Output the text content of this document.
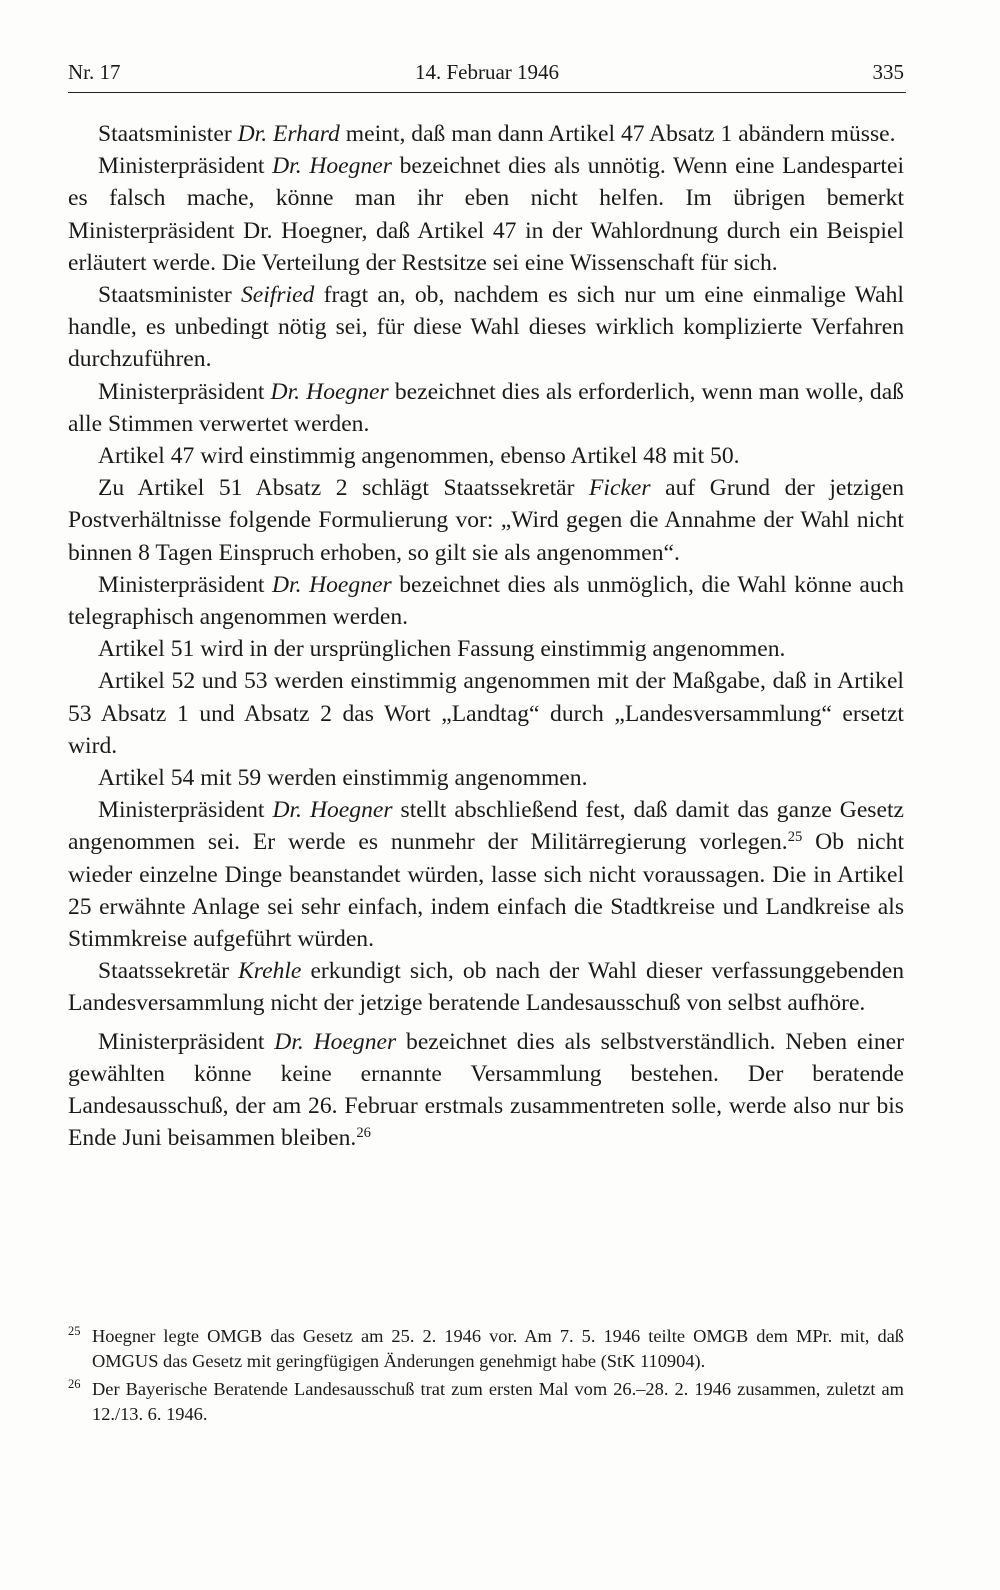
Nr. 17	14. Februar 1946	335

Staatsminister Dr. Erhard meint, daß man dann Artikel 47 Absatz 1 abändern müsse.

Ministerpräsident Dr. Hoegner bezeichnet dies als unnötig. Wenn eine Landespartei es falsch mache, könne man ihr eben nicht helfen. Im übrigen bemerkt Ministerpräsident Dr. Hoegner, daß Artikel 47 in der Wahlordnung durch ein Beispiel erläutert werde. Die Verteilung der Restsitze sei eine Wissenschaft für sich.

Staatsminister Seifried fragt an, ob, nachdem es sich nur um eine einmalige Wahl handle, es unbedingt nötig sei, für diese Wahl dieses wirklich komplizierte Verfahren durchzuführen.

Ministerpräsident Dr. Hoegner bezeichnet dies als erforderlich, wenn man wolle, daß alle Stimmen verwertet werden.

Artikel 47 wird einstimmig angenommen, ebenso Artikel 48 mit 50.

Zu Artikel 51 Absatz 2 schlägt Staatssekretär Ficker auf Grund der jetzigen Postverhältnisse folgende Formulierung vor: „Wird gegen die Annahme der Wahl nicht binnen 8 Tagen Einspruch erhoben, so gilt sie als angenommen“.

Ministerpräsident Dr. Hoegner bezeichnet dies als unmöglich, die Wahl könne auch telegraphisch angenommen werden.

Artikel 51 wird in der ursprünglichen Fassung einstimmig angenommen.

Artikel 52 und 53 werden einstimmig angenommen mit der Maßgabe, daß in Artikel 53 Absatz 1 und Absatz 2 das Wort „Landtag“ durch „Landesversammlung“ ersetzt wird.

Artikel 54 mit 59 werden einstimmig angenommen.

Ministerpräsident Dr. Hoegner stellt abschließend fest, daß damit das ganze Gesetz angenommen sei. Er werde es nunmehr der Militärregierung vorlegen.$^{25}$ Ob nicht wieder einzelne Dinge beanstandet würden, lasse sich nicht voraussagen. Die in Artikel 25 erwähnte Anlage sei sehr einfach, indem einfach die Stadtkreise und Landkreise als Stimmkreise aufgeführt würden.

Staatssekretär Krehle erkundigt sich, ob nach der Wahl dieser verfassunggebenden Landesversammlung nicht der jetzige beratende Landesausschuß von selbst aufhöre.

Ministerpräsident Dr. Hoegner bezeichnet dies als selbstverständlich. Neben einer gewählten könne keine ernannte Versammlung bestehen. Der beratende Landesausschuß, der am 26. Februar erstmals zusammentreten solle, werde also nur bis Ende Juni beisammen bleiben.$^{26}$

25 Hoegner legte OMGB das Gesetz am 25. 2. 1946 vor. Am 7. 5. 1946 teilte OMGB dem MPr. mit, daß OMGUS das Gesetz mit geringfügigen Änderungen genehmigt habe (StK 110904).
26 Der Bayerische Beratende Landesausschuß trat zum ersten Mal vom 26.–28. 2. 1946 zusammen, zuletzt am 12./13. 6. 1946.
